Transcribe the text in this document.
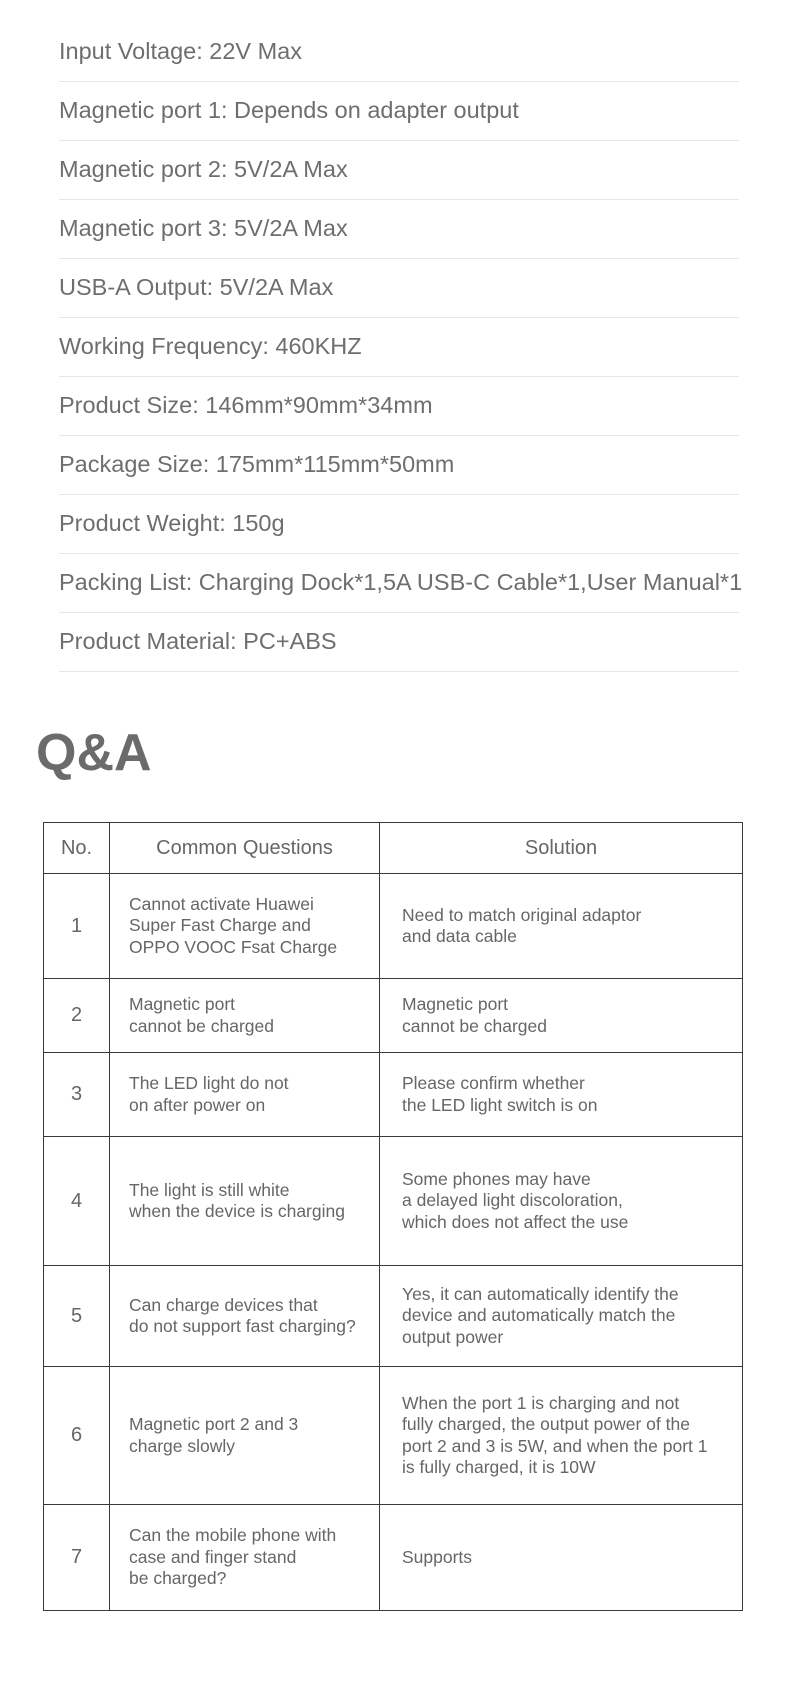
Input Voltage : 22V Max
Magnetic port 1 : Depends on adapter output
Magnetic port 2 : 5V/2A Max
Magnetic port 3 : 5V/2A Max
USB-A Output : 5V/2A Max
Working Frequency : 460KHZ
Product Size : 146mm*90mm*34mm
Package Size : 175mm*115mm*50mm
Product Weight : 150g
Packing List : Charging Dock*1,5A USB-C Cable*1,User Manual*1
Product Material : PC+ABS
Q&A
No.	Common Questions	Solution
1	Cannot activate Huawei
Super Fast Charge and
OPPO VOOC Fsat Charge	Need to match original adaptor
and data cable

2	Magnetic port
cannot be charged	Magnetic port
cannot be charged

3	The LED light do not
on after power on	Please confirm whether
the LED light switch is on

4	The light is still white
when the device is charging	Some phones may have
a delayed light discoloration,
which does not affect the use

5	Can charge devices that
do not support fast charging?	Yes, it can automatically identify the
device and automatically match the
output power

6	Magnetic port 2 and 3
charge slowly	When the port 1 is charging and not
fully charged, the output power of the
port 2 and 3 is 5W, and when the port 1
is fully charged, it is 10W

7	Can the mobile phone with
case and finger stand
be charged?	Supports
